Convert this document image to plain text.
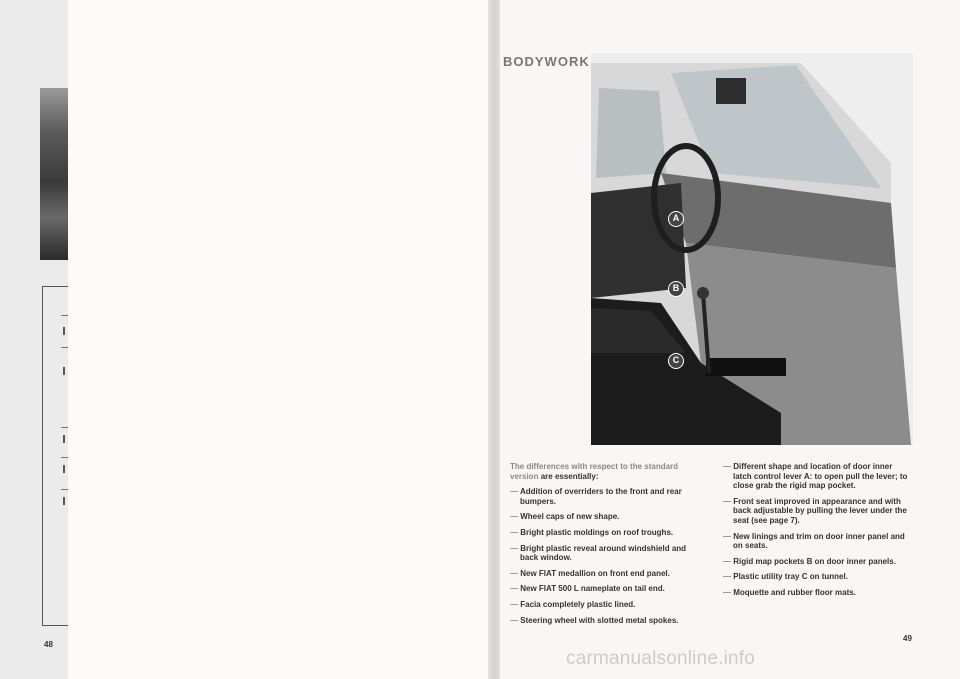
48
BODYWORK
A
B
C
The differences with respect to the standard version are essentially:
— Addition of overriders to the front and rear bumpers.
— Wheel caps of new shape.
— Bright plastic moldings on roof troughs.
— Bright plastic reveal around windshield and back window.
— New FIAT medallion on front end panel.
— New FIAT 500 L nameplate on tail end.
— Facia completely plastic lined.
— Steering wheel with slotted metal spokes.
— Different shape and location of door inner latch control lever A: to open pull the lever; to close grab the rigid map pocket.
— Front seat improved in appearance and with back adjustable by pulling the lever under the seat (see page 7).
— New linings and trim on door inner panel and on seats.
— Rigid map pockets B on door inner panels.
— Plastic utility tray C on tunnel.
— Moquette and rubber floor mats.
49
carmanualsonline.info
